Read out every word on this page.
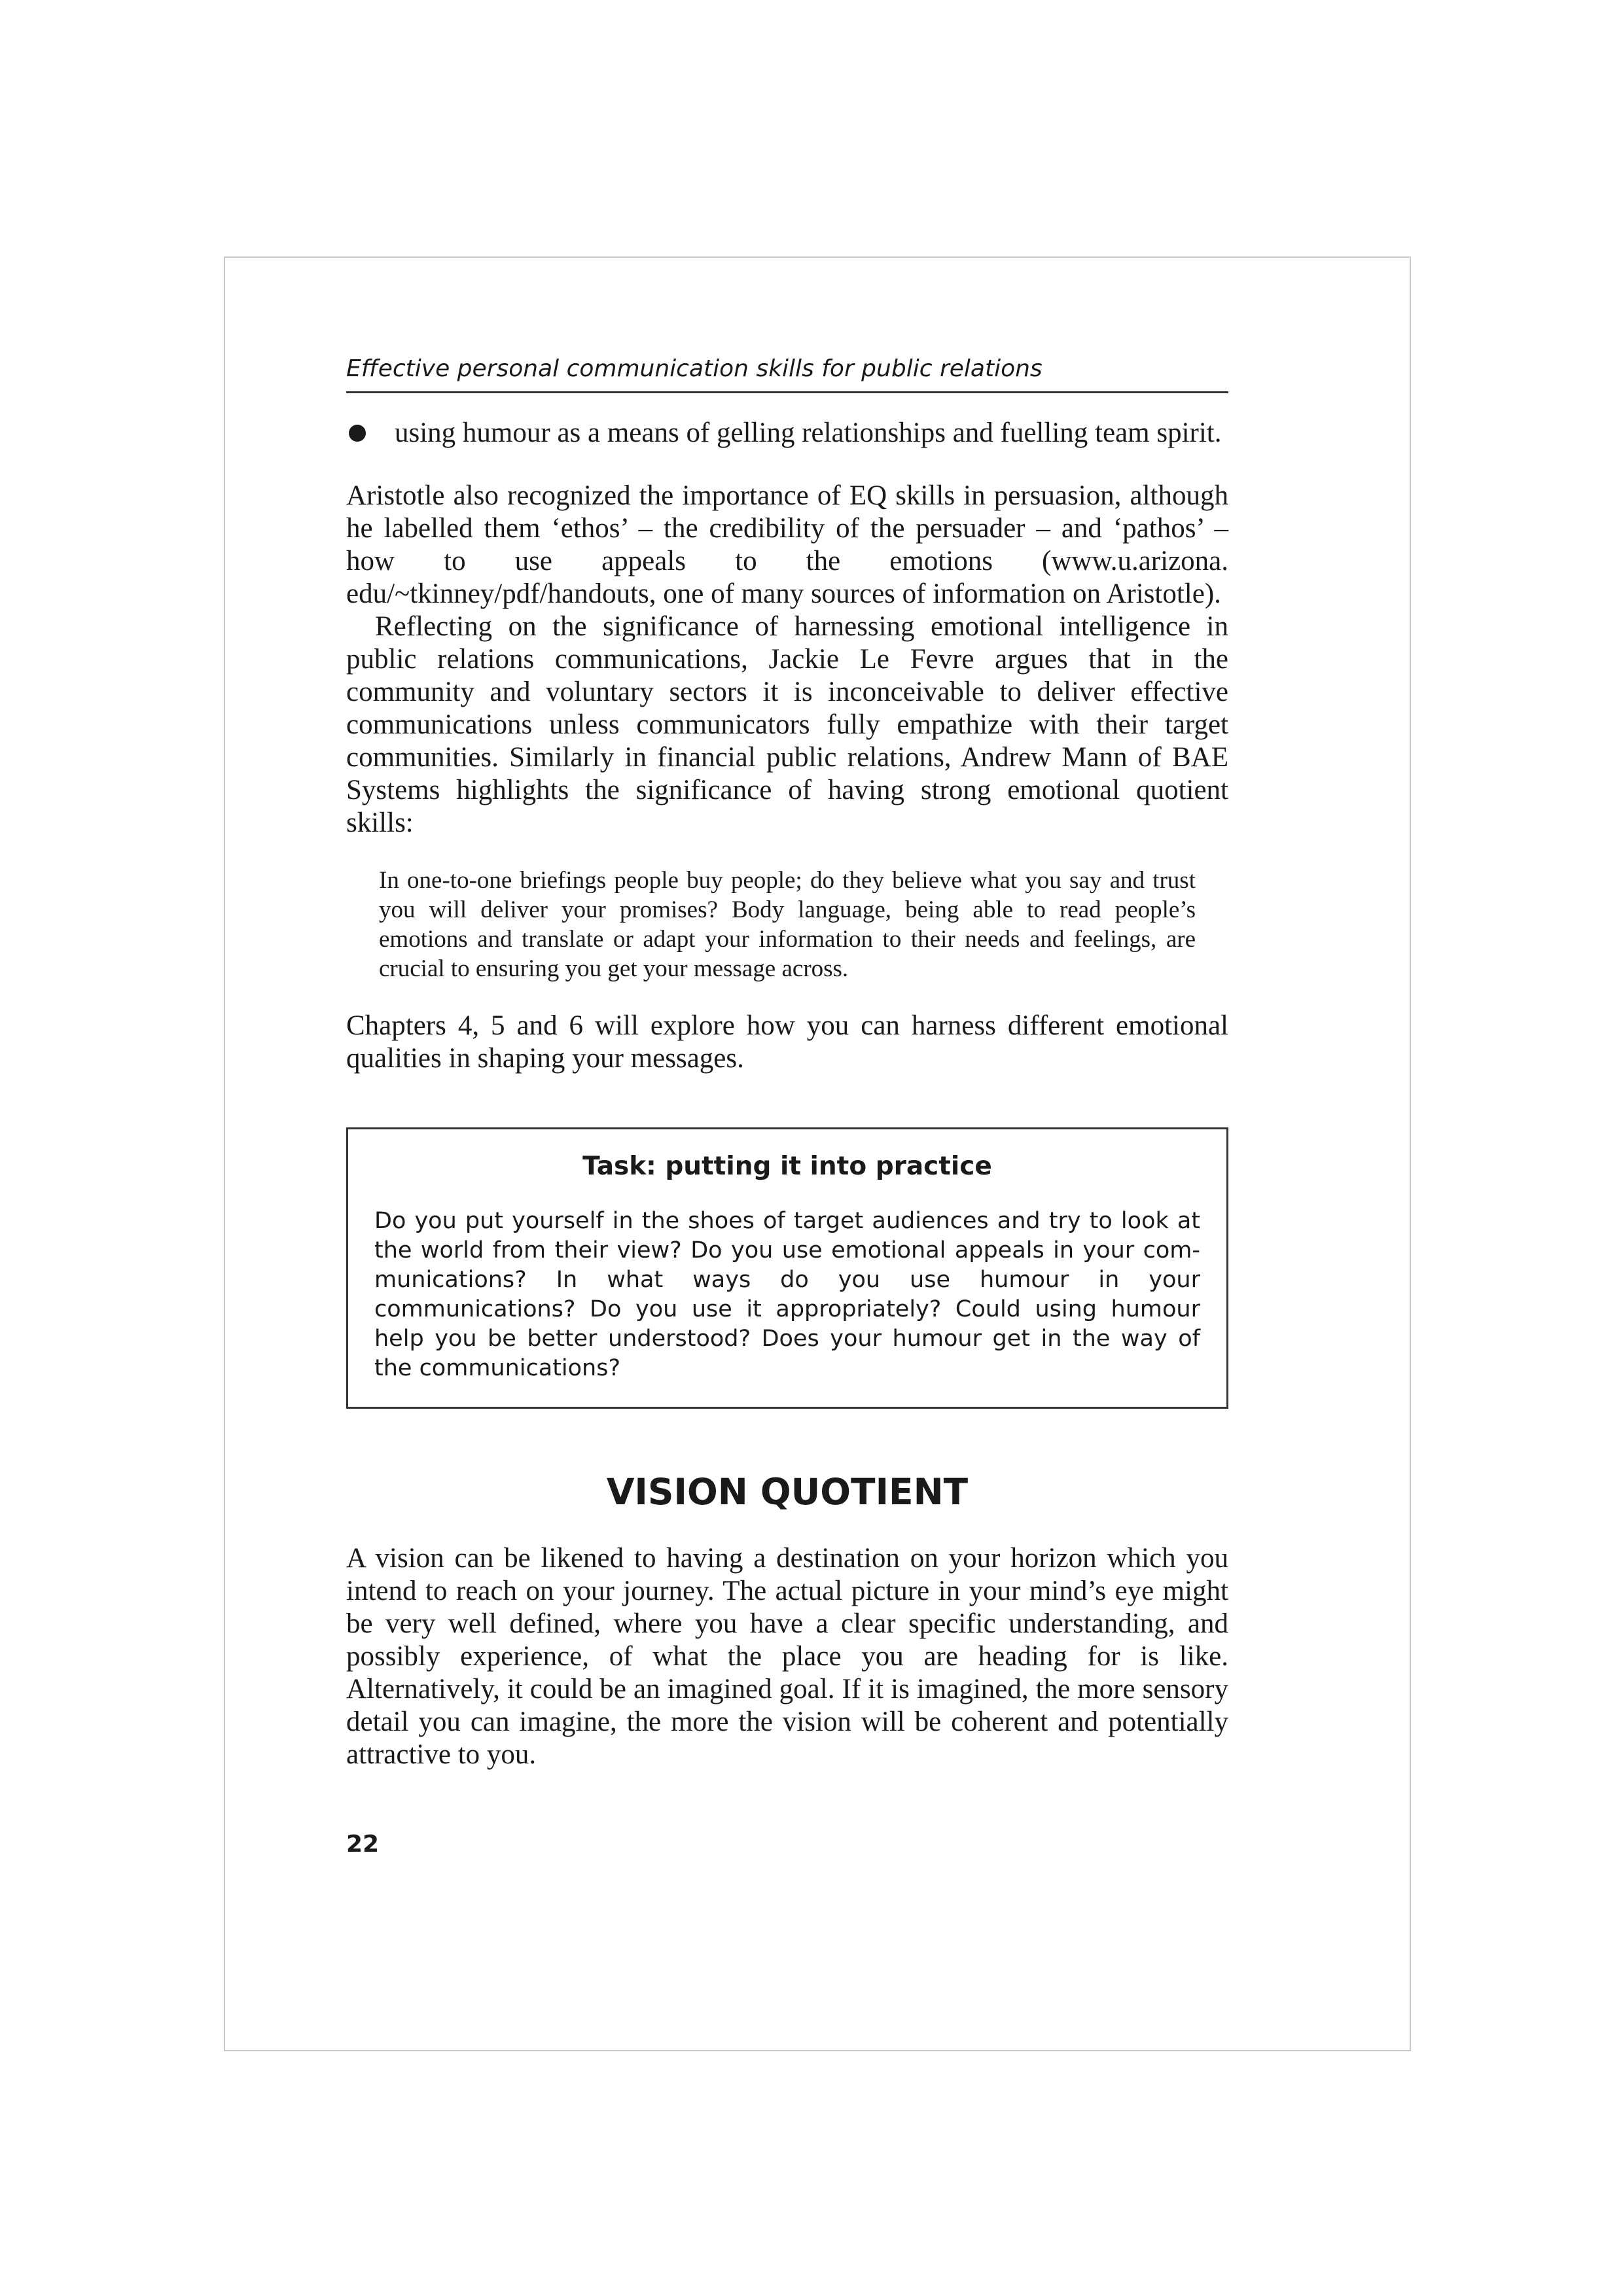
Effective personal communication skills for public relations
using humour as a means of gelling relationships and fuelling team spirit.

Aristotle also recognized the importance of EQ skills in persuasion, although he labelled them ‘ethos’ – the credibility of the persuader – and ‘pathos’ – how to use appeals to the emotions (www.u.arizona. edu/~tkinney/pdf/handouts, one of many sources of information on Aristotle).

Reflecting on the significance of harnessing emotional intelligence in public relations communications, Jackie Le Fevre argues that in the community and voluntary sectors it is inconceivable to deliver effective communications unless communicators fully empathize with their target communities. Similarly in financial public relations, Andrew Mann of BAE Systems highlights the significance of having strong emotional quotient skills:

In one-to-one briefings people buy people; do they believe what you say and trust you will deliver your promises? Body language, being able to read people’s emotions and translate or adapt your information to their needs and feelings, are crucial to ensuring you get your message across.

Chapters 4, 5 and 6 will explore how you can harness different emotional qualities in shaping your messages.

Task: putting it into practice
Do you put yourself in the shoes of target audiences and try to look at the world from their view? Do you use emotional appeals in your com-munications? In what ways do you use humour in your communications? Do you use it appropriately? Could using humour help you be better understood? Does your humour get in the way of the communications?
VISION QUOTIENT

A vision can be likened to having a destination on your horizon which you intend to reach on your journey. The actual picture in your mind’s eye might be very well defined, where you have a clear specific understanding, and possibly experience, of what the place you are heading for is like. Alternatively, it could be an imagined goal. If it is imagined, the more sensory detail you can imagine, the more the vision will be coherent and potentially attractive to you.

22
